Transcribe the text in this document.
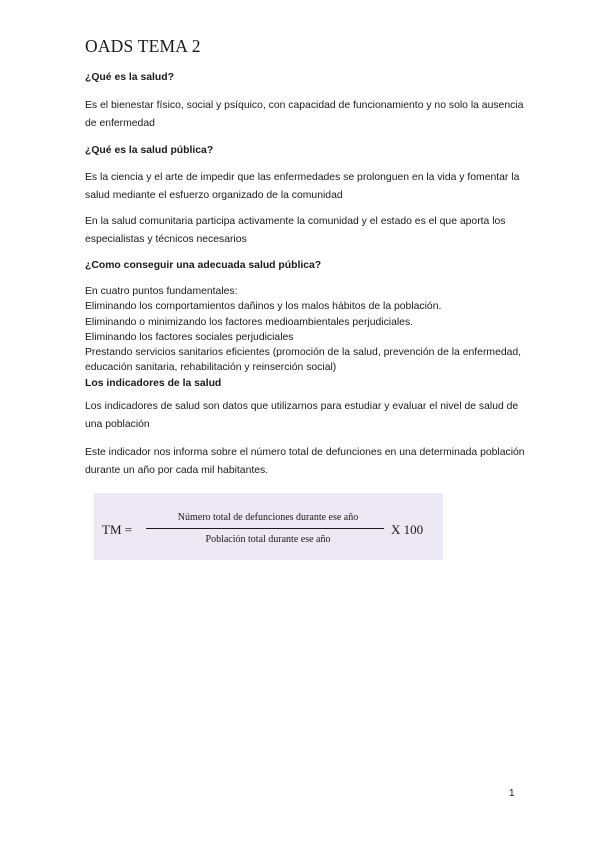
OADS TEMA 2
¿Qué es la salud?
Es el bienestar físico, social y psíquico, con capacidad de funcionamiento y no solo la ausencia de enfermedad
¿Qué es la salud pública?
Es la ciencia y el arte de impedir que las enfermedades se prolonguen en la vida y fomentar la salud mediante el esfuerzo organizado de la comunidad
En la salud comunitaria participa activamente la comunidad y el estado es el que aporta los especialistas y técnicos necesarios
¿Como conseguir una adecuada salud pública?
En cuatro puntos fundamentales:
Eliminando los comportamientos dañinos y los malos hábitos de la población.
Eliminando o minimizando los factores medioambientales perjudiciales.
Eliminando los factores sociales perjudiciales
Prestando servicios sanitarios eficientes (promoción de la salud, prevención de la enfermedad, educación sanitaria, rehabilitación y reinserción social)
Los indicadores de la salud
Los indicadores de salud son datos que utilizarnos para estudiar y evaluar el nivel de salud de una población
Este indicador nos informa sobre el número total de defunciones en una determinada población durante un año por cada mil habitantes.
TM =
Número total de defunciones durante ese año
Población total durante ese año
X 100
1
